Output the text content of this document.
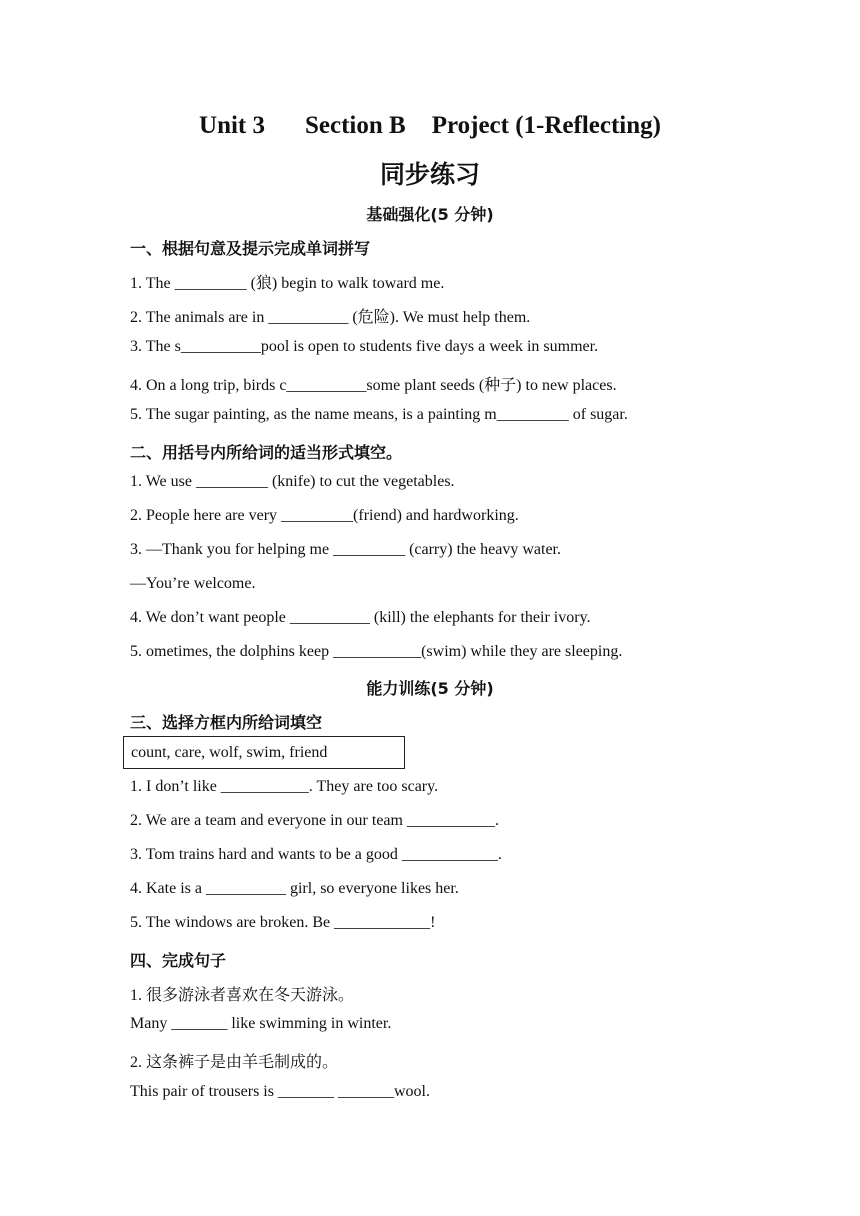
Unit 3 Section B Project (1-Reflecting)
同步练习
基础强化(5 分钟)
一、根据句意及提示完成单词拼写
1. The _________ (狼) begin to walk toward me.
2. The animals are in __________ (危险). We must help them.
3. The s__________pool is open to students five days a week in summer.
4. On a long trip, birds c__________some plant seeds (种子) to new places.
5. The sugar painting, as the name means, is a painting m_________ of sugar.
二、用括号内所给词的适当形式填空。
1. We use _________ (knife) to cut the vegetables.
2. People here are very _________(friend) and hardworking.
3. —Thank you for helping me _________ (carry) the heavy water.
—You’re welcome.
4. We don’t want people __________ (kill) the elephants for their ivory.
5. ometimes, the dolphins keep ___________(swim) while they are sleeping.
能力训练(5 分钟)
三、选择方框内所给词填空
count, care, wolf, swim, friend
1. I don’t like ___________. They are too scary.
2. We are a team and everyone in our team ___________.
3. Tom trains hard and wants to be a good ____________.
4. Kate is a __________ girl, so everyone likes her.
5. The windows are broken. Be ____________!
四、完成句子
1. 很多游泳者喜欢在冬天游泳。
Many _______ like swimming in winter.
2. 这条裤子是由羊毛制成的。
This pair of trousers is _______ _______wool.
